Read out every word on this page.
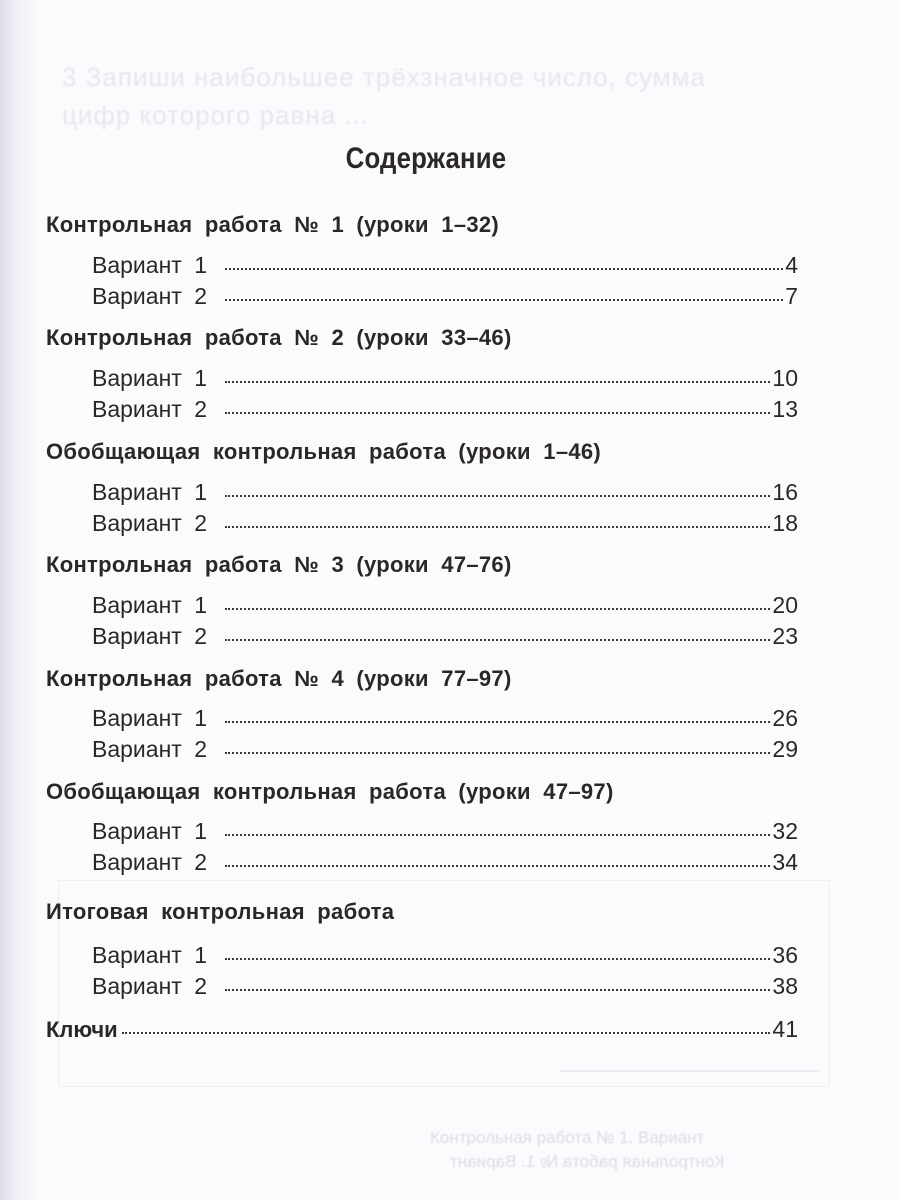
3 Запиши наибольшее трёхзначное число, сумма
цифр которого равна ...
Контрольная работа № 1. Вариант
Контрольная работа № 1. Вариант
Содержание
Контрольная работа № 1 (уроки 1–32)
Вариант 1	4
Вариант 2	7
Контрольная работа № 2 (уроки 33–46)
Вариант 1	10
Вариант 2	13
Обобщающая контрольная работа (уроки 1–46)
Вариант 1	16
Вариант 2	18
Контрольная работа № 3 (уроки 47–76)
Вариант 1	20
Вариант 2	23
Контрольная работа № 4 (уроки 77–97)
Вариант 1	26
Вариант 2	29
Обобщающая контрольная работа (уроки 47–97)
Вариант 1	32
Вариант 2	34
Итоговая контрольная работа
Вариант 1	36
Вариант 2	38
Ключи	41
